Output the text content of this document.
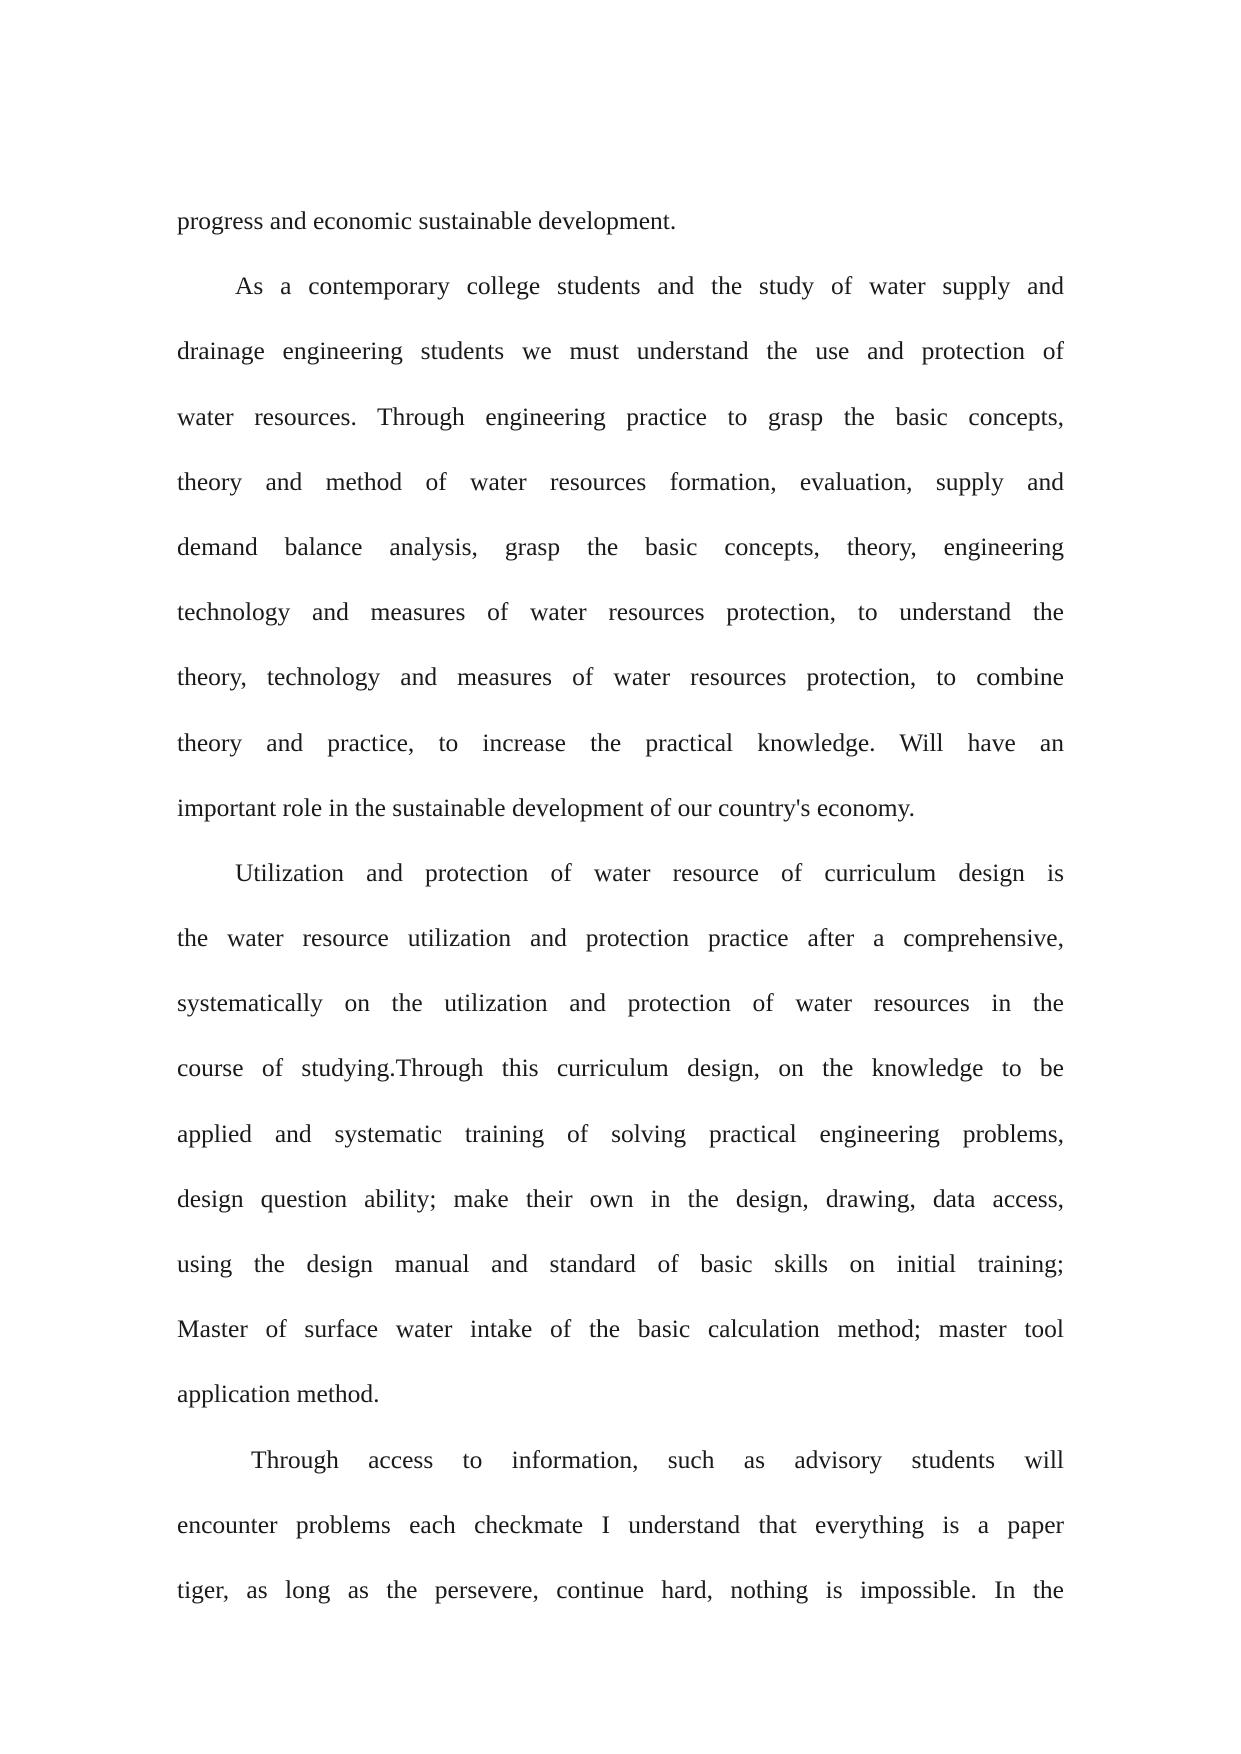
progress and economic sustainable development.
As a contemporary college students and the study of water supply and
drainage engineering students we must understand the use and protection of
water resources. Through engineering practice to grasp the basic concepts,
theory and method of water resources formation, evaluation, supply and
demand balance analysis, grasp the basic concepts, theory, engineering
technology and measures of water resources protection, to understand the
theory, technology and measures of water resources protection, to combine
theory and practice, to increase the practical knowledge. Will have an
important role in the sustainable development of our country's economy.
Utilization and protection of water resource of curriculum design is
the water resource utilization and protection practice after a comprehensive,
systematically on the utilization and protection of water resources in the
course of studying.Through this curriculum design, on the knowledge to be
applied and systematic training of solving practical engineering problems,
design question ability; make their own in the design, drawing, data access,
using the design manual and standard of basic skills on initial training;
Master of surface water intake of the basic calculation method; master tool
application method.
Through access to information, such as advisory students will
encounter problems each checkmate I understand that everything is a paper
tiger, as long as the persevere, continue hard, nothing is impossible. In the
